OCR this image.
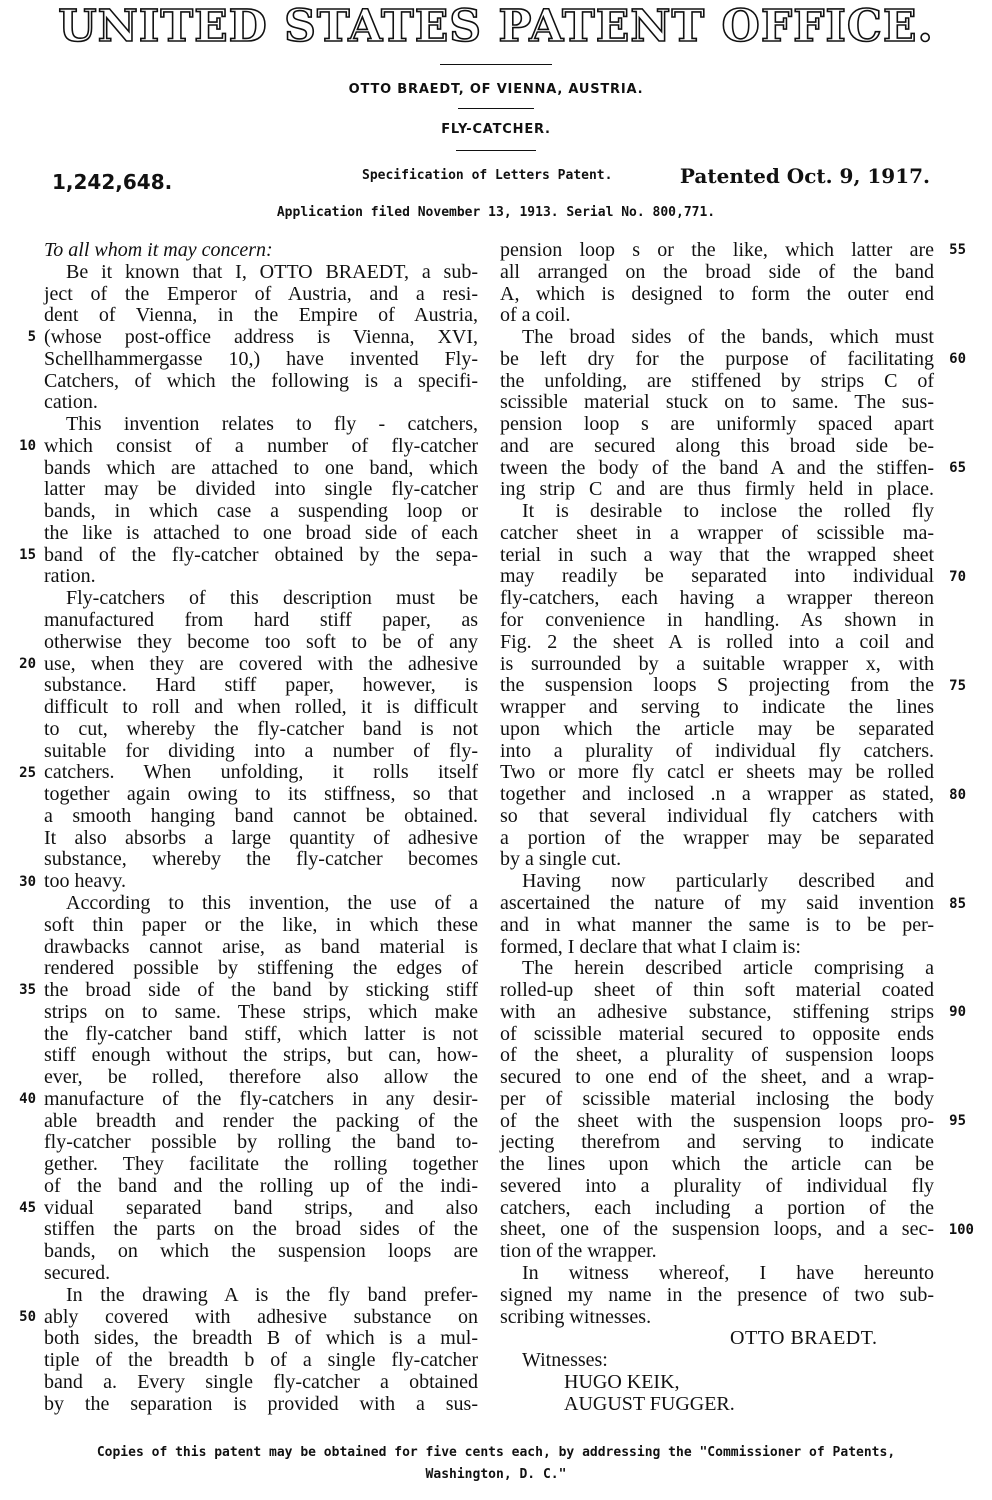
UNITED STATES PATENT OFFICE.
OTTO BRAEDT, OF VIENNA, AUSTRIA.
FLY-CATCHER.
1,242,648.	Specification of Letters Patent.	Patented Oct. 9, 1917.
Application filed November 13, 1913. Serial No. 800,771.
To all whom it may concern:
Be it known that I, OTTO BRAEDT, a sub-
ject of the Emperor of Austria, and a resi-
dent of Vienna, in the Empire of Austria,
(whose post-office address is Vienna, XVI,
Schellhammergasse 10,) have invented Fly-
Catchers, of which the following is a specifi-
cation.
This invention relates to fly - catchers,
which consist of a number of fly-catcher
bands which are attached to one band, which
latter may be divided into single fly-catcher
bands, in which case a suspending loop or
the like is attached to one broad side of each
band of the fly-catcher obtained by the sepa-
ration.
Fly-catchers of this description must be
manufactured from hard stiff paper, as
otherwise they become too soft to be of any
use, when they are covered with the adhesive
substance. Hard stiff paper, however, is
difficult to roll and when rolled, it is difficult
to cut, whereby the fly-catcher band is not
suitable for dividing into a number of fly-
catchers. When unfolding, it rolls itself
together again owing to its stiffness, so that
a smooth hanging band cannot be obtained.
It also absorbs a large quantity of adhesive
substance, whereby the fly-catcher becomes
too heavy.
According to this invention, the use of a
soft thin paper or the like, in which these
drawbacks cannot arise, as band material is
rendered possible by stiffening the edges of
the broad side of the band by sticking stiff
strips on to same. These strips, which make
the fly-catcher band stiff, which latter is not
stiff enough without the strips, but can, how-
ever, be rolled, therefore also allow the
manufacture of the fly-catchers in any desir-
able breadth and render the packing of the
fly-catcher possible by rolling the band to-
gether. They facilitate the rolling together
of the band and the rolling up of the indi-
vidual separated band strips, and also
stiffen the parts on the broad sides of the
bands, on which the suspension loops are
secured.
In the drawing A is the fly band prefer-
ably covered with adhesive substance on
both sides, the breadth B of which is a mul-
tiple of the breadth b of a single fly-catcher
band a. Every single fly-catcher a obtained
by the separation is provided with a sus-
5
10
15
20
25
30
35
40
45
50
pension loop s or the like, which latter are
all arranged on the broad side of the band
A, which is designed to form the outer end
of a coil.
The broad sides of the bands, which must
be left dry for the purpose of facilitating
the unfolding, are stiffened by strips C of
scissible material stuck on to same. The sus-
pension loop s are uniformly spaced apart
and are secured along this broad side be-
tween the body of the band A and the stiffen-
ing strip C and are thus firmly held in place.
It is desirable to inclose the rolled fly
catcher sheet in a wrapper of scissible ma-
terial in such a way that the wrapped sheet
may readily be separated into individual
fly-catchers, each having a wrapper thereon
for convenience in handling. As shown in
Fig. 2 the sheet A is rolled into a coil and
is surrounded by a suitable wrapper x, with
the suspension loops S projecting from the
wrapper and serving to indicate the lines
upon which the article may be separated
into a plurality of individual fly catchers.
Two or more fly catcl er sheets may be rolled
together and inclosed .n a wrapper as stated,
so that several individual fly catchers with
a portion of the wrapper may be separated
by a single cut.
Having now particularly described and
ascertained the nature of my said invention
and in what manner the same is to be per-
formed, I declare that what I claim is:
The herein described article comprising a
rolled-up sheet of thin soft material coated
with an adhesive substance, stiffening strips
of scissible material secured to opposite ends
of the sheet, a plurality of suspension loops
secured to one end of the sheet, and a wrap-
per of scissible material inclosing the body
of the sheet with the suspension loops pro-
jecting therefrom and serving to indicate
the lines upon which the article can be
severed into a plurality of individual fly
catchers, each including a portion of the
sheet, one of the suspension loops, and a sec-
tion of the wrapper.
In witness whereof, I have hereunto
signed my name in the presence of two sub-
scribing witnesses.
OTTO BRAEDT.
Witnesses:
HUGO KEIK,
AUGUST FUGGER.
55
60
65
70
75
80
85
90
95
100
Copies of this patent may be obtained for five cents each, by addressing the "Commissioner of Patents,
Washington, D. C."
